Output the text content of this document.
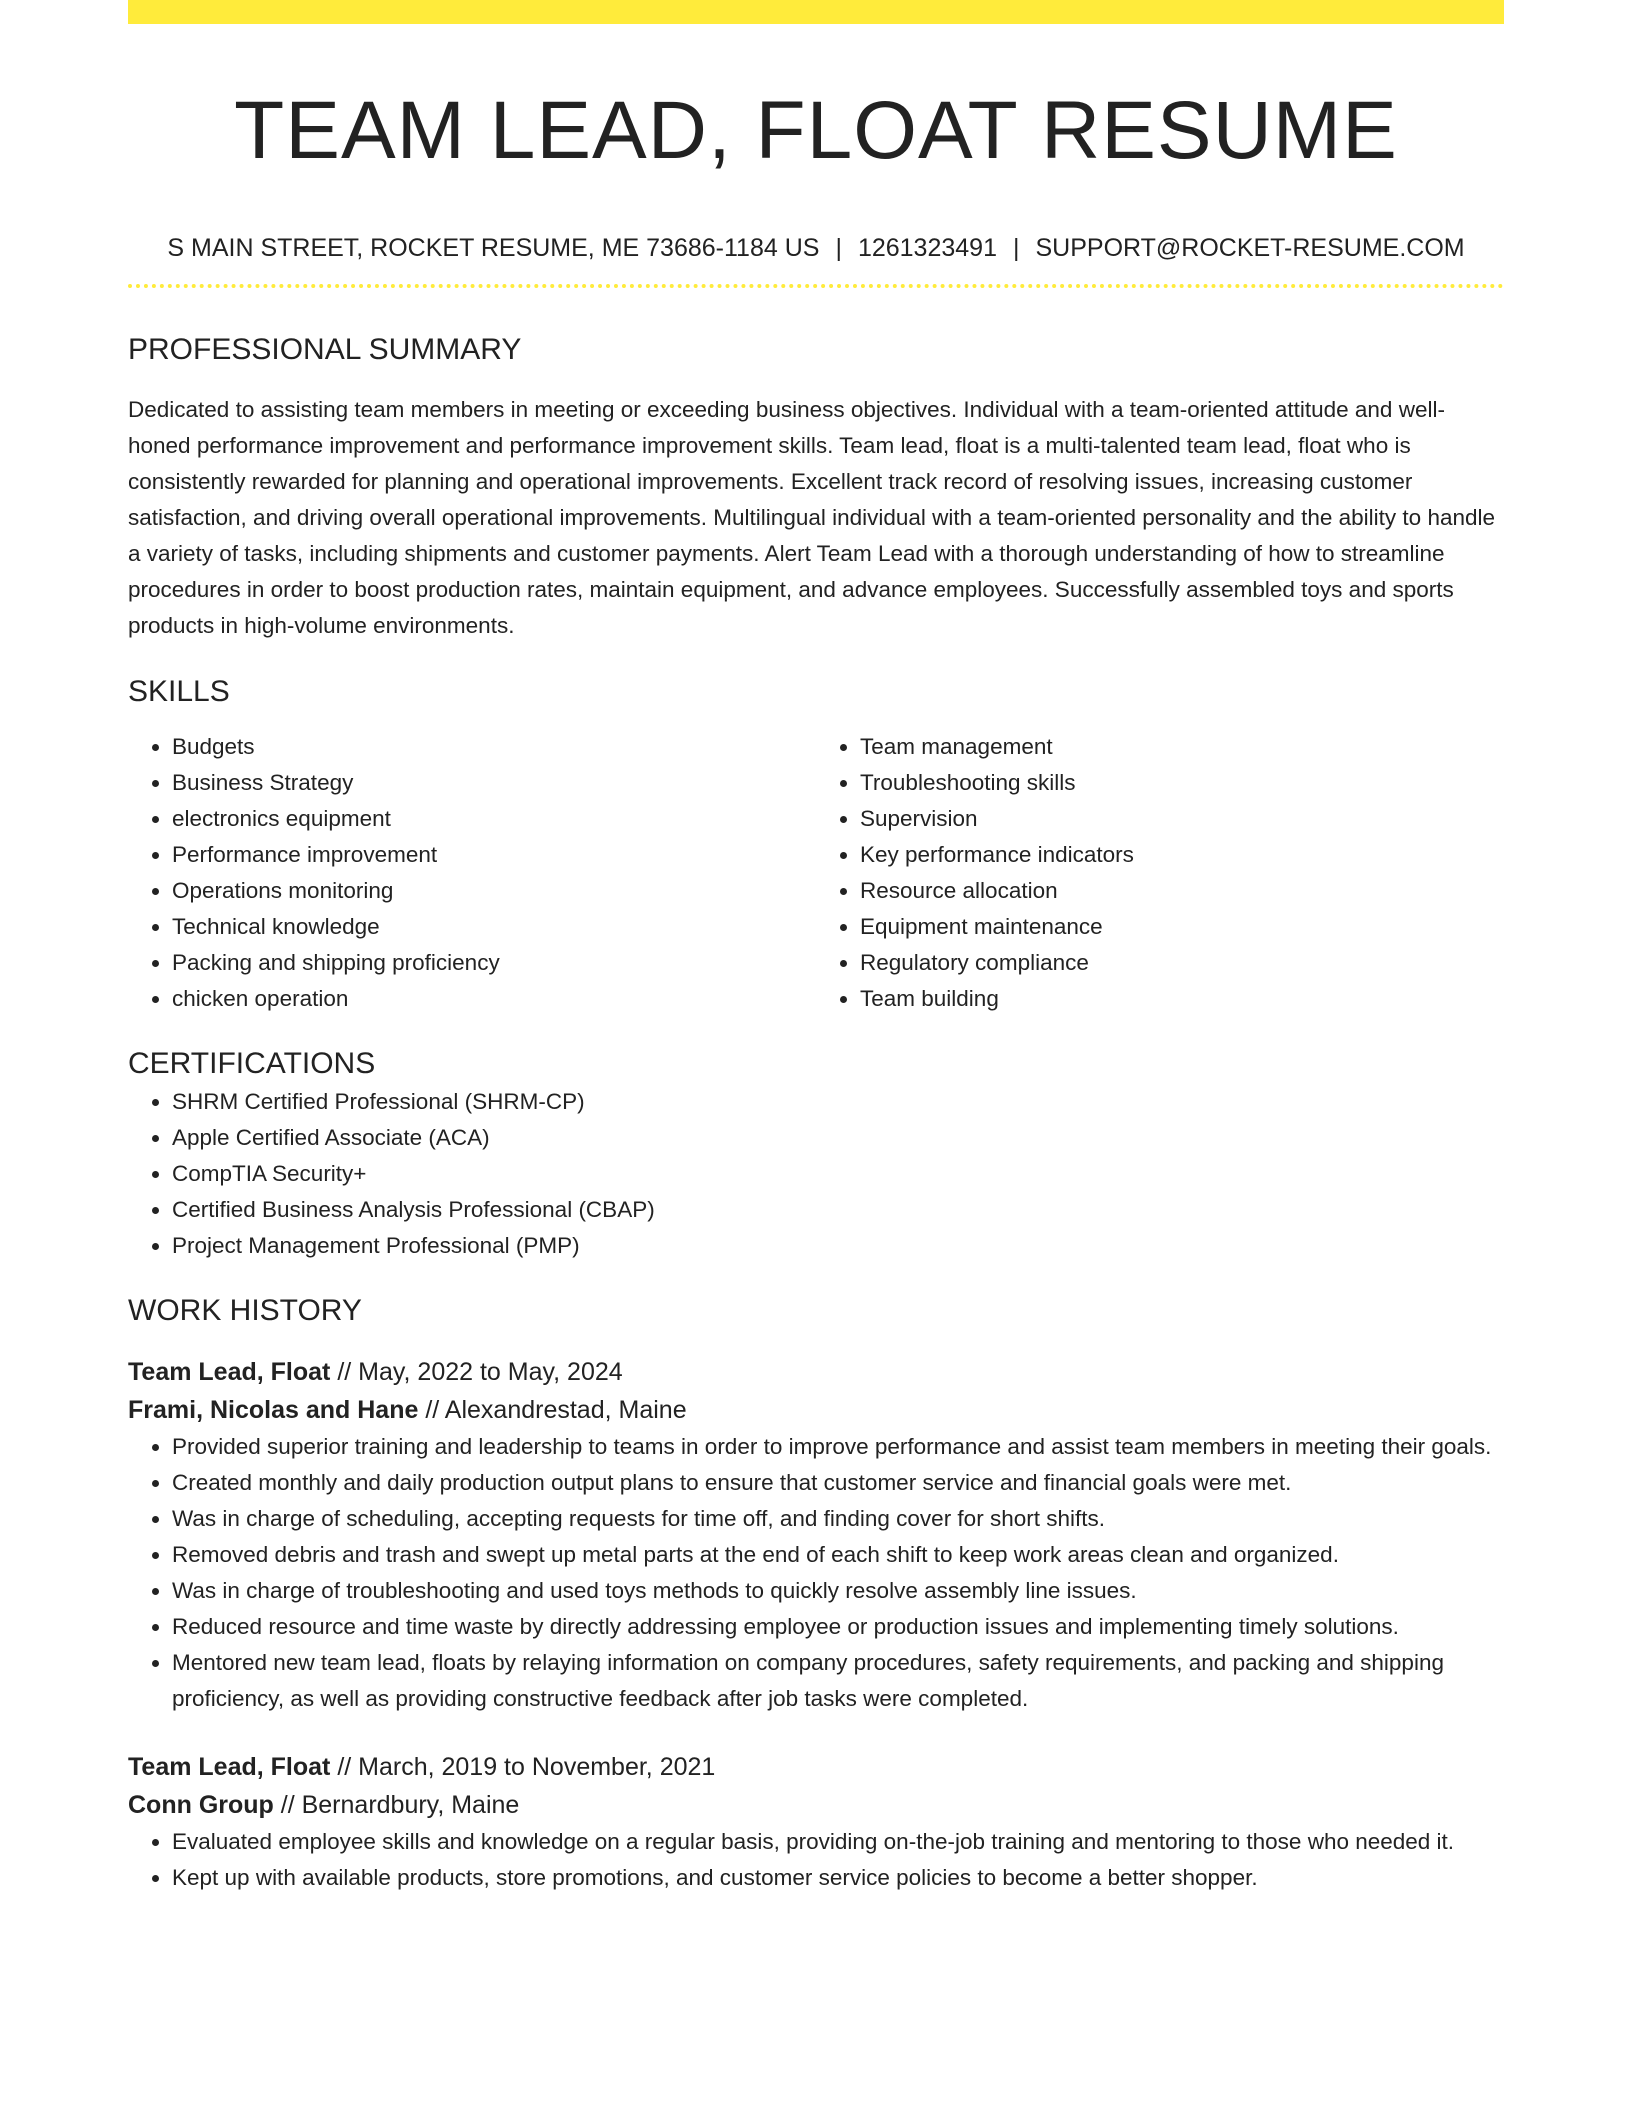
TEAM LEAD, FLOAT RESUME
S MAIN STREET, ROCKET RESUME, ME 73686-1184 US | 1261323491 | SUPPORT@ROCKET-RESUME.COM
PROFESSIONAL SUMMARY

Dedicated to assisting team members in meeting or exceeding business objectives. Individual with a team-oriented attitude and well-honed performance improvement and performance improvement skills. Team lead, float is a multi-talented team lead, float who is consistently rewarded for planning and operational improvements. Excellent track record of resolving issues, increasing customer satisfaction, and driving overall operational improvements. Multilingual individual with a team-oriented personality and the ability to handle a variety of tasks, including shipments and customer payments. Alert Team Lead with a thorough understanding of how to streamline procedures in order to boost production rates, maintain equipment, and advance employees. Successfully assembled toys and sports products in high-volume environments.

SKILLS
• Budgets
• Business Strategy
• electronics equipment
• Performance improvement
• Operations monitoring
• Technical knowledge
• Packing and shipping proficiency
• chicken operation
• Team management
• Troubleshooting skills
• Supervision
• Key performance indicators
• Resource allocation
• Equipment maintenance
• Regulatory compliance
• Team building
CERTIFICATIONS
• SHRM Certified Professional (SHRM-CP)
• Apple Certified Associate (ACA)
• CompTIA Security+
• Certified Business Analysis Professional (CBAP)
• Project Management Professional (PMP)
WORK HISTORY
Team Lead, Float // May, 2022 to May, 2024
Frami, Nicolas and Hane // Alexandrestad, Maine
• Provided superior training and leadership to teams in order to improve performance and assist team members in meeting their goals.
• Created monthly and daily production output plans to ensure that customer service and financial goals were met.
• Was in charge of scheduling, accepting requests for time off, and finding cover for short shifts.
• Removed debris and trash and swept up metal parts at the end of each shift to keep work areas clean and organized.
• Was in charge of troubleshooting and used toys methods to quickly resolve assembly line issues.
• Reduced resource and time waste by directly addressing employee or production issues and implementing timely solutions.
• Mentored new team lead, floats by relaying information on company procedures, safety requirements, and packing and shipping proficiency, as well as providing constructive feedback after job tasks were completed.
Team Lead, Float // March, 2019 to November, 2021
Conn Group // Bernardbury, Maine
• Evaluated employee skills and knowledge on a regular basis, providing on-the-job training and mentoring to those who needed it.
• Kept up with available products, store promotions, and customer service policies to become a better shopper.
